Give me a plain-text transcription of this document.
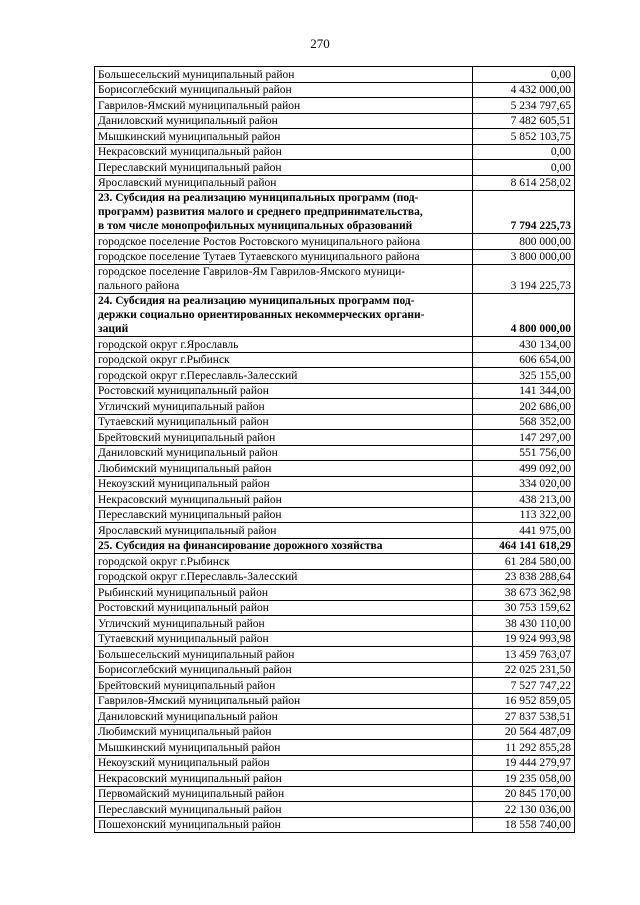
270
Большесельский муниципальный район	0,00
Борисоглебский муниципальный район	4 432 000,00
Гаврилов-Ямский муниципальный район	5 234 797,65
Даниловский муниципальный район	7 482 605,51
Мышкинский муниципальный район	5 852 103,75
Некрасовский муниципальный район	0,00
Переславский муниципальный район	0,00
Ярославский муниципальный район	8 614 258,02
23. Субсидия на реализацию муниципальных программ (под-
программ) развития малого и среднего предпринимательства,
в том числе монопрофильных муниципальных образований	7 794 225,73
городское поселение Ростов Ростовского муниципального района	800 000,00
городское поселение Тутаев Тутаевского муниципального района	3 800 000,00
городское поселение Гаврилов-Ям Гаврилов-Ямского муници-
пального района	3 194 225,73
24. Субсидия на реализацию муниципальных программ под-
держки социально ориентированных некоммерческих органи-
заций	4 800 000,00
городской округ г.Ярославль	430 134,00
городской округ г.Рыбинск	606 654,00
городской округ г.Переславль-Залесский	325 155,00
Ростовский муниципальный район	141 344,00
Угличский муниципальный район	202 686,00
Тутаевский муниципальный район	568 352,00
Брейтовский муниципальный район	147 297,00
Даниловский муниципальный район	551 756,00
Любимский муниципальный район	499 092,00
Некоузский муниципальный район	334 020,00
Некрасовский муниципальный район	438 213,00
Переславский муниципальный район	113 322,00
Ярославский муниципальный район	441 975,00
25. Субсидия на финансирование дорожного хозяйства	464 141 618,29
городской округ г.Рыбинск	61 284 580,00
городской округ г.Переславль-Залесский	23 838 288,64
Рыбинский муниципальный район	38 673 362,98
Ростовский муниципальный район	30 753 159,62
Угличский муниципальный район	38 430 110,00
Тутаевский муниципальный район	19 924 993,98
Большесельский муниципальный район	13 459 763,07
Борисоглебский муниципальный район	22 025 231,50
Брейтовский муниципальный район	7 527 747,22
Гаврилов-Ямский муниципальный район	16 952 859,05
Даниловский муниципальный район	27 837 538,51
Любимский муниципальный район	20 564 487,09
Мышкинский муниципальный район	11 292 855,28
Некоузский муниципальный район	19 444 279,97
Некрасовский муниципальный район	19 235 058,00
Первомайский муниципальный район	20 845 170,00
Переславский муниципальный район	22 130 036,00
Пошехонский муниципальный район	18 558 740,00
